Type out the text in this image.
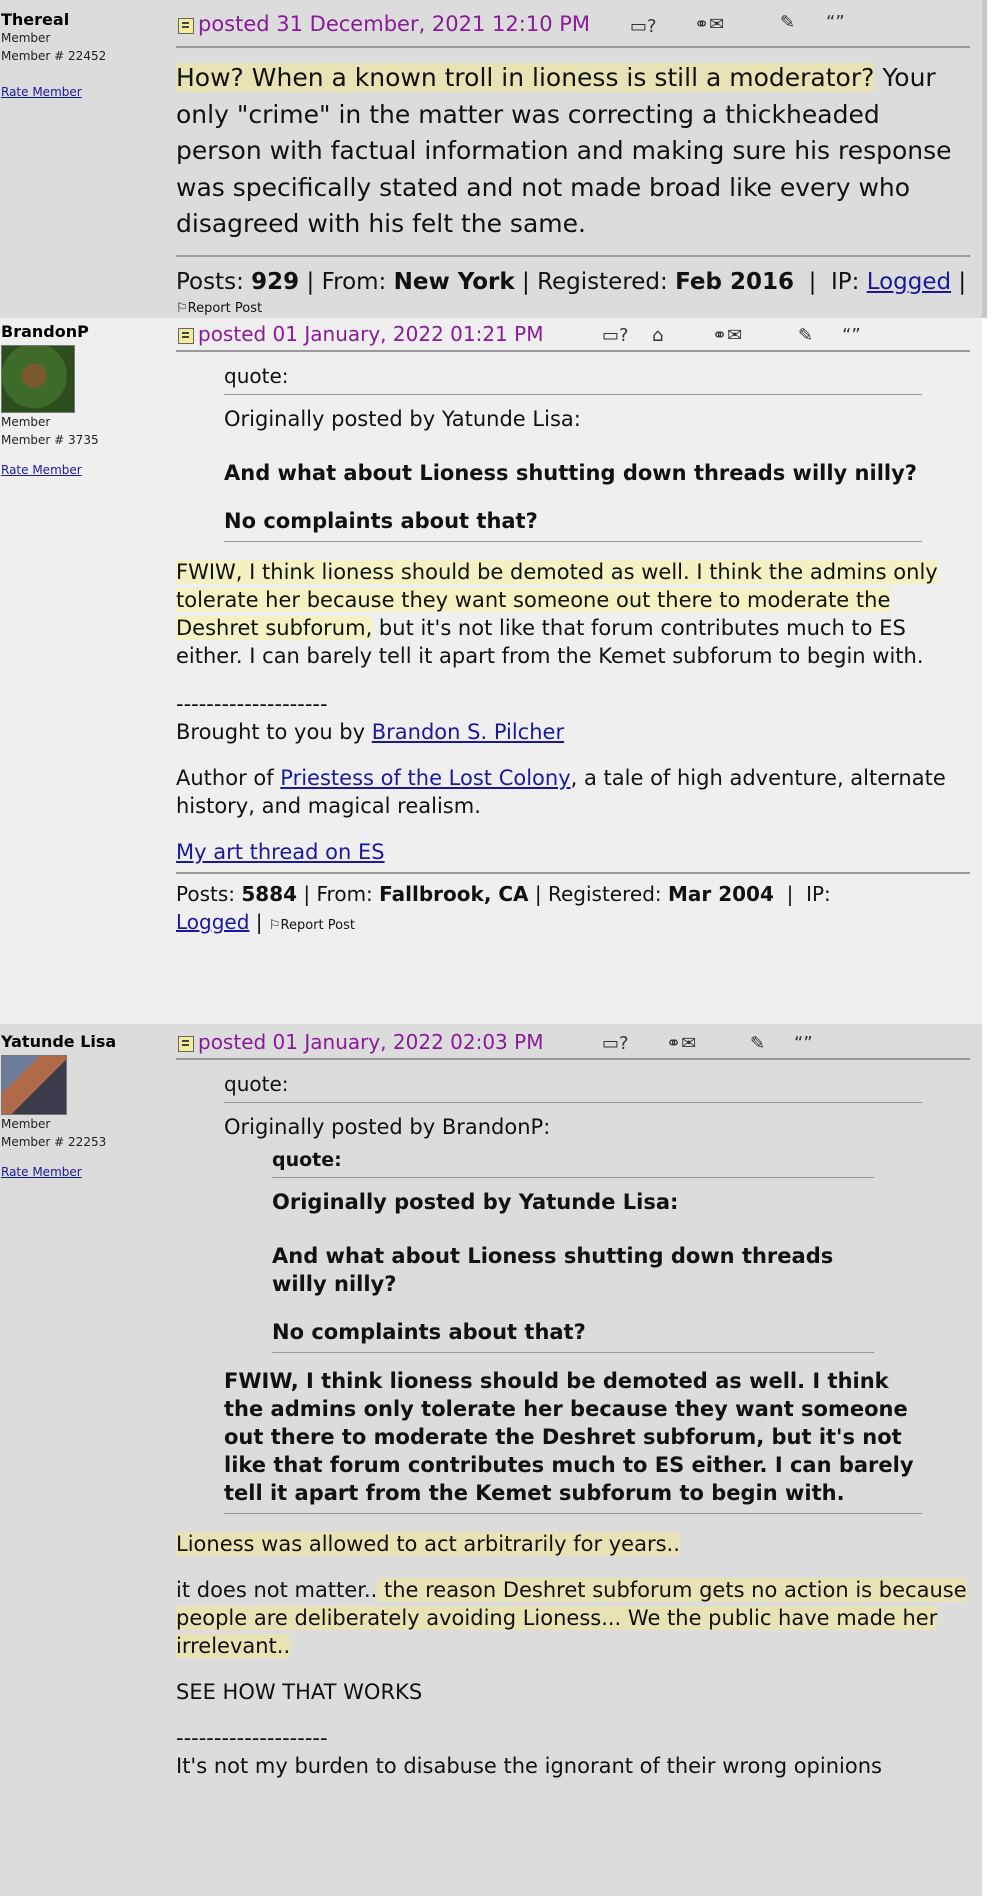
Thereal
Member
Member # 22452
Rate Member
posted 31 December, 2021 12:10 PM ▭? ⚭✉	✎ “”
How? When a known troll in lioness is still a moderator? Your only "crime" in the matter was correcting a thickheaded person with factual information and making sure his response was specifically stated and not made broad like every who disagreed with his felt the same.
Posts: 929 | From: New York | Registered: Feb 2016  |  IP: Logged |
⚐Report Post
BrandonP
Member
Member # 3735
Rate Member
posted 01 January, 2022 01:21 PM	▭? ⌂	⚭✉	✎ “”
quote:
Originally posted by Yatunde Lisa:
And what about Lioness shutting down threads willy nilly?
No complaints about that?
FWIW, I think lioness should be demoted as well. I think the admins only tolerate her because they want someone out there to moderate the Deshret subforum, but it's not like that forum contributes much to ES either. I can barely tell it apart from the Kemet subforum to begin with.
--------------------
Brought to you by Brandon S. Pilcher
Author of Priestess of the Lost Colony, a tale of high adventure, alternate history, and magical realism.
My art thread on ES
Posts: 5884 | From: Fallbrook, CA | Registered: Mar 2004  |  IP:
Logged | ⚐Report Post
Yatunde Lisa
Member
Member # 22253
Rate Member
posted 01 January, 2022 02:03 PM	▭? ⚭✉	✎ “”
quote:
Originally posted by BrandonP:
quote:
Originally posted by Yatunde Lisa:
And what about Lioness shutting down threads willy nilly?
No complaints about that?
FWIW, I think lioness should be demoted as well. I think the admins only tolerate her because they want someone out there to moderate the Deshret subforum, but it's not like that forum contributes much to ES either. I can barely tell it apart from the Kemet subforum to begin with.
Lioness was allowed to act arbitrarily for years..
it does not matter.. the reason Deshret subforum gets no action is because people are deliberately avoiding Lioness... We the public have made her irrelevant..
SEE HOW THAT WORKS
--------------------
It's not my burden to disabuse the ignorant of their wrong opinions
